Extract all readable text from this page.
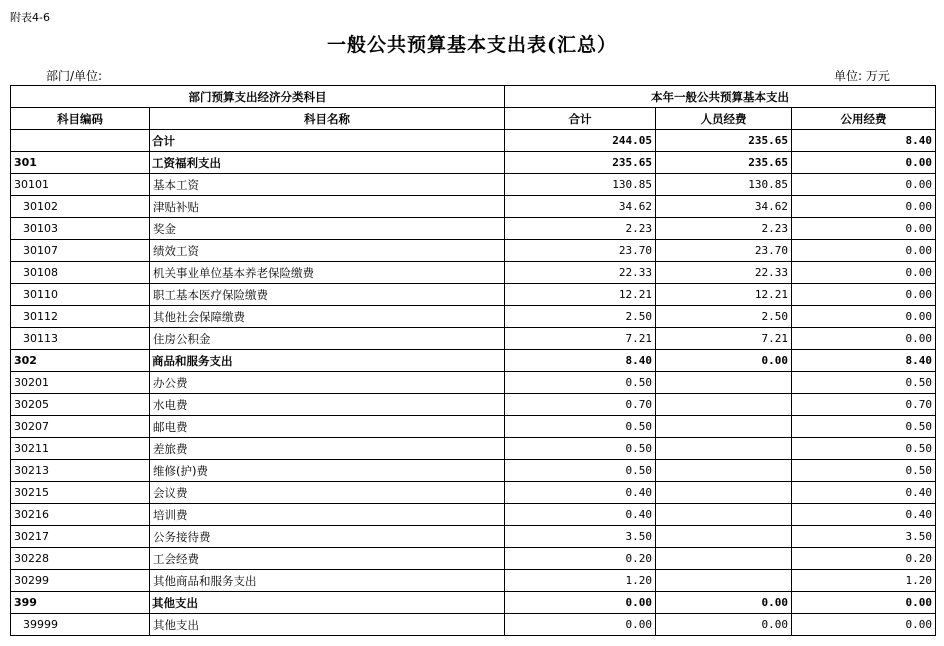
附表4-6
一般公共预算基本支出表(汇总）
部门/单位:	单位: 万元
部门预算支出经济分类科目		本年一般公共预算基本支出		
科目编码	科目名称	合计	人员经费	公用经费
	合计	244.05	235.65	8.40
301	工资福利支出	235.65	235.65	0.00
30101	基本工资	130.85	130.85	0.00
30102	津贴补贴	34.62	34.62	0.00
30103	奖金	2.23	2.23	0.00
30107	绩效工资	23.70	23.70	0.00
30108	机关事业单位基本养老保险缴费	22.33	22.33	0.00
30110	职工基本医疗保险缴费	12.21	12.21	0.00
30112	其他社会保障缴费	2.50	2.50	0.00
30113	住房公积金	7.21	7.21	0.00
302	商品和服务支出	8.40	0.00	8.40
30201	办公费	0.50		0.50
30205	水电费	0.70		0.70
30207	邮电费	0.50		0.50
30211	差旅费	0.50		0.50
30213	维修(护)费	0.50		0.50
30215	会议费	0.40		0.40
30216	培训费	0.40		0.40
30217	公务接待费	3.50		3.50
30228	工会经费	0.20		0.20
30299	其他商品和服务支出	1.20		1.20
399	其他支出	0.00	0.00	0.00
39999	其他支出	0.00	0.00	0.00
